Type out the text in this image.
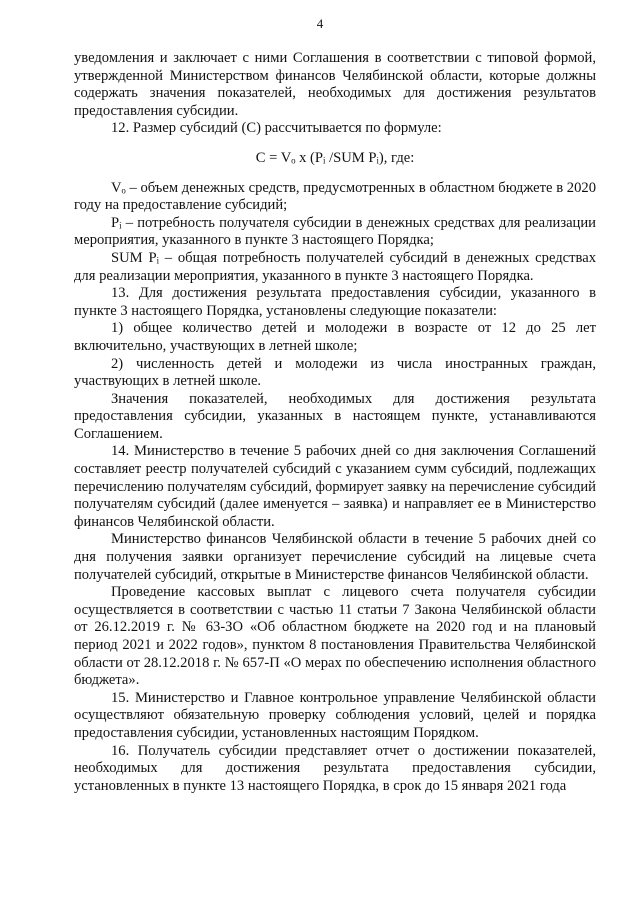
4

уведомления и заключает с ними Соглашения в соответствии с типовой формой, утвержденной Министерством финансов Челябинской области, которые должны содержать значения показателей, необходимых для достижения результатов предоставления субсидии.

12. Размер субсидий (С) рассчитывается по формуле:

C = Vₒ x (Pᵢ /SUM Pᵢ), где:

Vₒ – объем денежных средств, предусмотренных в областном бюджете в 2020 году на предоставление субсидий;

Pᵢ – потребность получателя субсидии в денежных средствах для реализации мероприятия, указанного в пункте 3 настоящего Порядка;

SUM Pᵢ – общая потребность получателей субсидий в денежных средствах для реализации мероприятия, указанного в пункте 3 настоящего Порядка.

13. Для достижения результата предоставления субсидии, указанного в пункте 3 настоящего Порядка, установлены следующие показатели:

1) общее количество детей и молодежи в возрасте от 12 до 25 лет включительно, участвующих в летней школе;

2) численность детей и молодежи из числа иностранных граждан, участвующих в летней школе.

Значения показателей, необходимых для достижения результата предоставления субсидии, указанных в настоящем пункте, устанавливаются Соглашением.

14. Министерство в течение 5 рабочих дней со дня заключения Соглашений составляет реестр получателей субсидий с указанием сумм субсидий, подлежащих перечислению получателям субсидий, формирует заявку на перечисление субсидий получателям субсидий (далее именуется – заявка) и направляет ее в Министерство финансов Челябинской области.

Министерство финансов Челябинской области в течение 5 рабочих дней со дня получения заявки организует перечисление субсидий на лицевые счета получателей субсидий, открытые в Министерстве финансов Челябинской области.

Проведение кассовых выплат с лицевого счета получателя субсидии осуществляется в соответствии с частью 11 статьи 7 Закона Челябинской области от 26.12.2019 г. № 63-ЗО «Об областном бюджете на 2020 год и на плановый период 2021 и 2022 годов», пунктом 8 постановления Правительства Челябинской области от 28.12.2018 г. № 657-П «О мерах по обеспечению исполнения областного бюджета».

15. Министерство и Главное контрольное управление Челябинской области осуществляют обязательную проверку соблюдения условий, целей и порядка предоставления субсидии, установленных настоящим Порядком.

16. Получатель субсидии представляет отчет о достижении показателей, необходимых для достижения результата предоставления субсидии, установленных в пункте 13 настоящего Порядка, в срок до 15 января 2021 года
